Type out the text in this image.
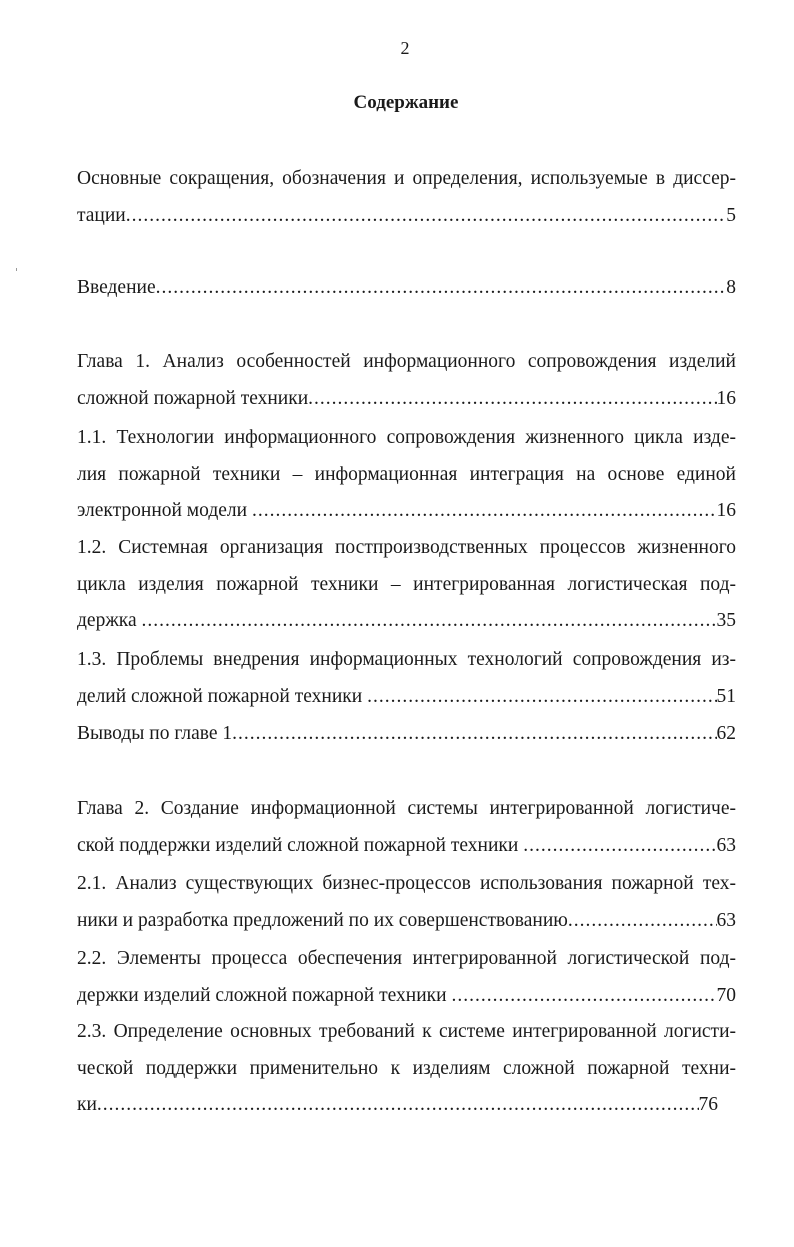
2
Содержание
Основные сокращения, обозначения и определения, используемые в диссер-
тации .....	5
Введение .....	8
Глава 1. Анализ особенностей информационного сопровождения изделий
сложной пожарной техники .....	16
1.1. Технологии информационного сопровождения жизненного цикла изде-
лия пожарной техники – информационная интеграция на основе единой
электронной модели .....	16
1.2. Системная организация постпроизводственных процессов жизненного
цикла изделия пожарной техники – интегрированная логистическая под-
держка .....	35
1.3. Проблемы внедрения информационных технологий сопровождения из-
делий сложной пожарной техники .....	51
Выводы по главе 1 .....	62
Глава 2. Создание информационной системы интегрированной логистиче-
ской поддержки изделий сложной пожарной техники .....	63
2.1. Анализ существующих бизнес-процессов использования пожарной тех-
ники и разработка предложений по их совершенствованию .....	63
2.2. Элементы процесса обеспечения интегрированной логистической под-
держки изделий сложной пожарной техники .....	70
2.3. Определение основных требований к системе интегрированной логисти-
ческой поддержки применительно к изделиям сложной пожарной техни-
ки .....	76
